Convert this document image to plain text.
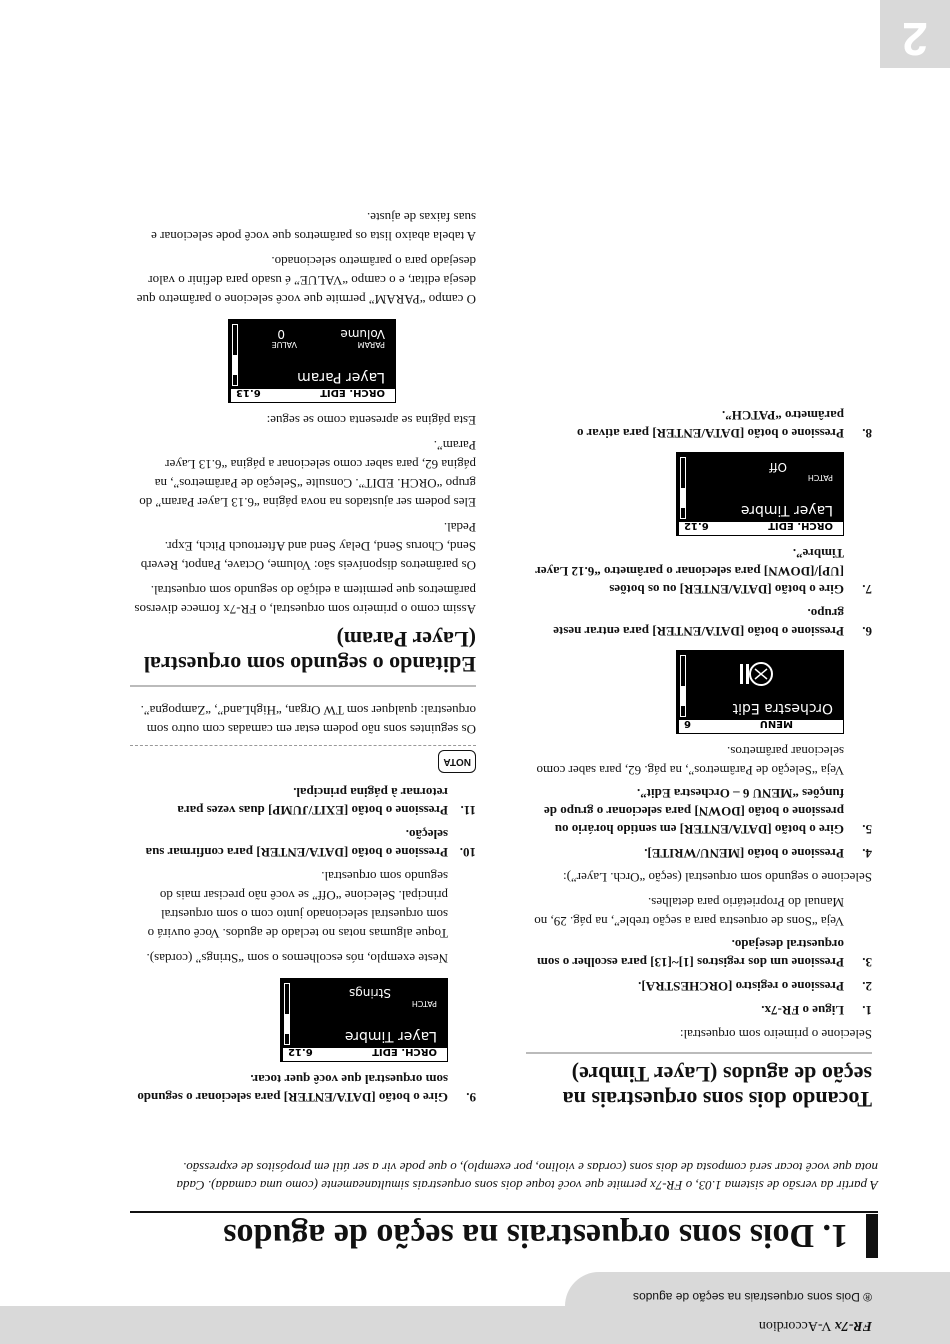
FR-7x V-Accordion
® Dois sons orquestrais na seção de agudos
2
Roland
1. Dois sons orquestrais na seção de agudos
A partir da versão de sistema 1.03, o FR-7x permite que você toque dois sons orquestrais simultaneamente (como uma camada). Cada nota que você tocar será composta de dois sons (cordas e violino, por exemplo), o que pode vir a ser útil em propósitos de expressão.
Tocando dois sons orquestrais na seção de agudos (Layer Timbre)

Selecione o primeiro som orquestral:

1.
Ligue o FR-7x.
2.
Pressione o registro [ORCHESTRA].
3.
Pressione um dos registros [1]~[13] para escolher o som orquestral desejado.
Veja “Sons de orquestra para a seção treble”, na pág. 29, no Manual do Proprietário para detalhes.

Selecione o segundo som orquestral (seção “Orch. Layer”):

4.
Pressione o botão [MENU/WRITE].
5.
Gire o botão [DATA/ENTER] em sentido horário ou pressione o botão [DOWN] para selecionar o grupo de funções “MENU 6 – Orchestra Edit”.
Veja “Seleção de Parâmetros”, na pág. 62, para saber como selecionar parâmetros.
MENU
6
Orchestra Edit
6.
Pressione o botão [DATA/ENTER] para entrar neste grupo.
7.
Gire o botão [DATA/ENTER] ou os botões [UP]/[DOWN] para selecionar o parâmetro “6.12 Layer Timbre”.
ORCH. EDIT
6.12
Layer Timbre
PATCH
Off
8.
Pressione o botão [DATA/ENTER] para ativar o parâmetro “PATCH”.
9.
Gire o botão [DATA/ENTER] para selecionar o segundo som orquestral que você quer tocar.
ORCH. EDIT
6.12
Layer Timbre
PATCH
Strings
Neste exemplo, nós escolhemos o som “Strings” (cordas).
Toque algumas notas no teclado de agudos. Você ouvirá o som orquestral selecionado junto com o som orquestral principal. Selecione “Off” se você não precisar mais do segundo som orquestral.
10.
Pressione o botão [DATA/ENTER] para confirmar sua seleção.
11.
Pressione o botão [EXIT/JUMP] duas vezes para retornar à página principal.
NOTA

Os seguintes sons não podem estar em camadas com outro som orquestral: qualquer som TW Organ, “HighLand”, “Zampogna”.

Editando o segundo som orquestral (Layer Param)

Assim como o primeiro som orquestral, o FR-7x fornece diversos parâmetros que permitem a edição do segundo som orquestral.

Os parâmetros disponíveis são: Volume, Octave, Panpot, Reverb Send, Chorus Send, Delay Send and Aftertouch Pitch, Expr. Pedal.

Eles podem ser ajustados na nova página “6.13 Layer Param” do grupo “ORCH. EDIT”. Consulte “Seleção de Parâmetros”, na página 62, para saber como selecionar a página “6.13 Layer Param”.

Esta página se apresenta como se segue:

ORCH. EDIT
6.13
Layer Param
PARAM
Volume
VALUE
0

O campo “PARAM” permite que você selecione o parâmetro que deseja editar, e o campo “VALUE” é usado para definir o valor desejado para o parâmetro selecionado.

A tabela abaixo lista os parâmetros que você pode selecionar e suas faixas de ajuste.
